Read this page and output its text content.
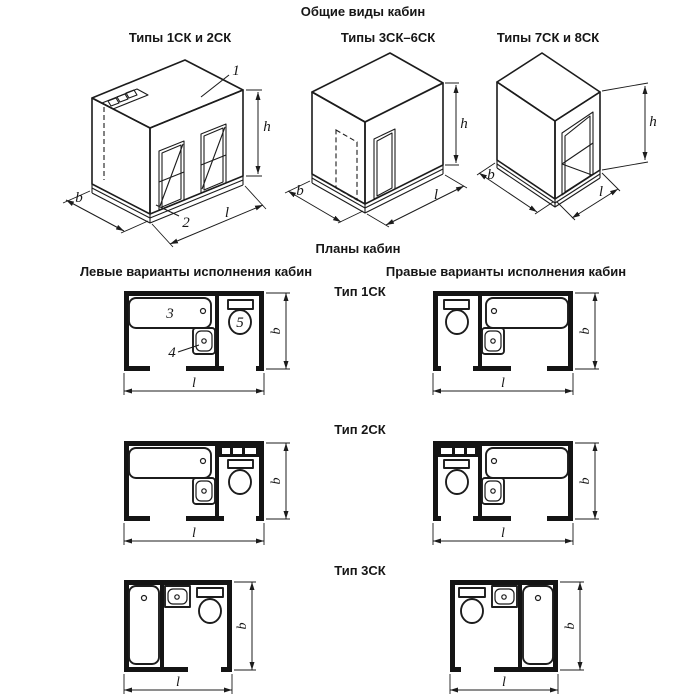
Общие виды кабин
Типы 1СК и 2СК	Типы 3СК–6СК	Типы 7СК и 8СК
Планы кабин
Левые варианты исполнения кабин	Правые варианты исполнения кабин
Тип 1СК
Тип 2СК
Тип 3СК
1
2
h
b
l
h
b	l
h
b
l
3
4
5 b
l
b
l
b
l
b
l
b
l
b
l
